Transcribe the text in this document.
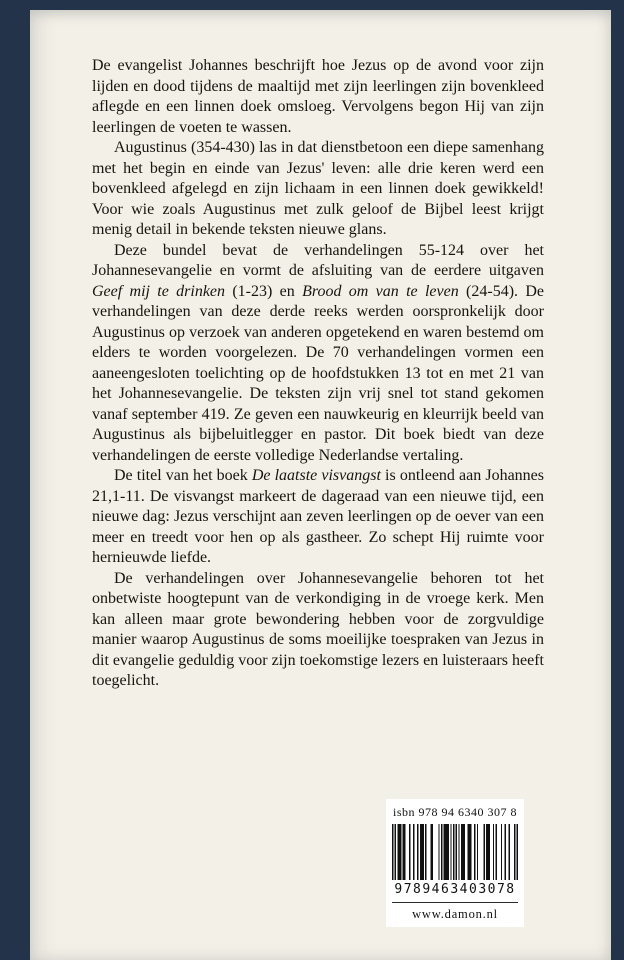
De evangelist Johannes beschrijft hoe Jezus op de avond voor zijn lijden en dood tijdens de maaltijd met zijn leerlingen zijn bovenkleed aflegde en een linnen doek omsloeg. Vervolgens begon Hij van zijn leerlingen de voeten te wassen.

Augustinus (354-430) las in dat dienstbetoon een diepe samenhang met het begin en einde van Jezus' leven: alle drie keren werd een bovenkleed afgelegd en zijn lichaam in een linnen doek gewikkeld! Voor wie zoals Augustinus met zulk geloof de Bijbel leest krijgt menig detail in bekende teksten nieuwe glans.

Deze bundel bevat de verhandelingen 55-124 over het Johannesevangelie en vormt de afsluiting van de eerdere uitgaven Geef mij te drinken (1-23) en Brood om van te leven (24-54). De verhandelingen van deze derde reeks werden oorspronkelijk door Augustinus op verzoek van anderen opgetekend en waren bestemd om elders te worden voorgelezen. De 70 verhandelingen vormen een aaneengesloten toelichting op de hoofdstukken 13 tot en met 21 van het Johannesevangelie. De teksten zijn vrij snel tot stand gekomen vanaf september 419. Ze geven een nauwkeurig en kleurrijk beeld van Augustinus als bijbeluitlegger en pastor. Dit boek biedt van deze verhandelingen de eerste volledige Nederlandse vertaling.

De titel van het boek De laatste visvangst is ontleend aan Johannes 21,1-11. De visvangst markeert de dageraad van een nieuwe tijd, een nieuwe dag: Jezus verschijnt aan zeven leerlingen op de oever van een meer en treedt voor hen op als gastheer. Zo schept Hij ruimte voor hernieuwde liefde.

De verhandelingen over Johannesevangelie behoren tot het onbetwiste hoogtepunt van de verkondiging in de vroege kerk. Men kan alleen maar grote bewondering hebben voor de zorgvuldige manier waarop Augustinus de soms moeilijke toespraken van Jezus in dit evangelie geduldig voor zijn toekomstige lezers en luisteraars heeft toegelicht.

isbn 978 94 6340 307 8
9789463403078
www.damon.nl
